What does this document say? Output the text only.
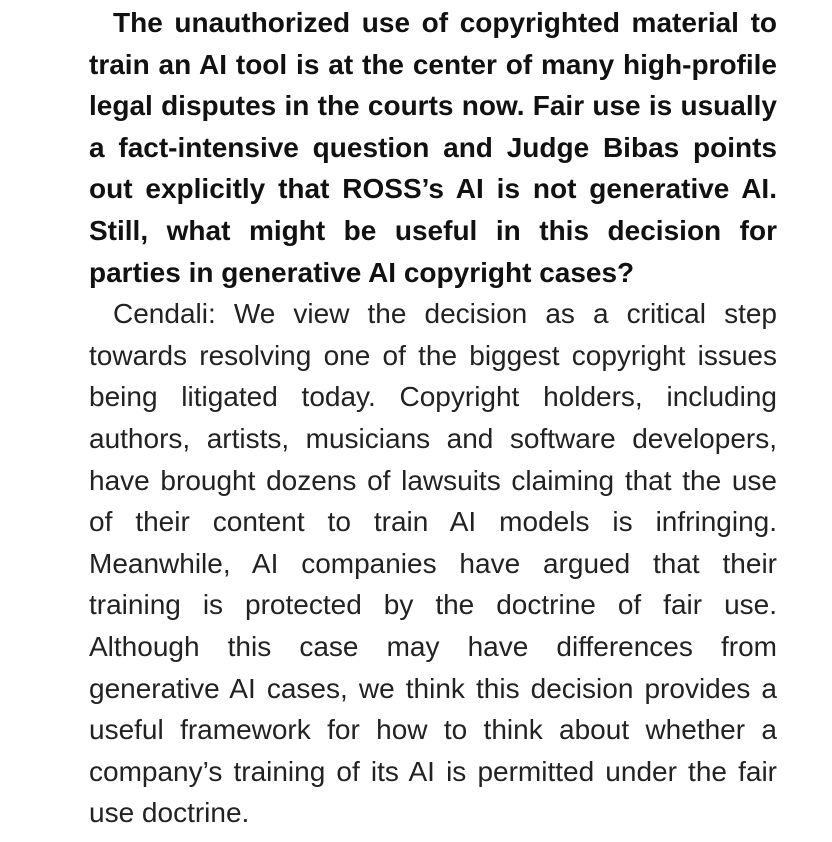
The unauthorized use of copyrighted material to train an AI tool is at the center of many high-profile legal disputes in the courts now. Fair use is usually a fact-intensive question and Judge Bibas points out explicitly that ROSS’s AI is not generative AI. Still, what might be useful in this decision for parties in generative AI copyright cases?

Cendali: We view the decision as a critical step towards resolving one of the biggest copyright issues being litigated today. Copyright holders, including authors, artists, musicians and software developers, have brought dozens of lawsuits claiming that the use of their content to train AI models is infringing. Meanwhile, AI companies have argued that their training is protected by the doctrine of fair use. Although this case may have differences from generative AI cases, we think this decision provides a useful framework for how to think about whether a company’s training of its AI is permitted under the fair use doctrine.
